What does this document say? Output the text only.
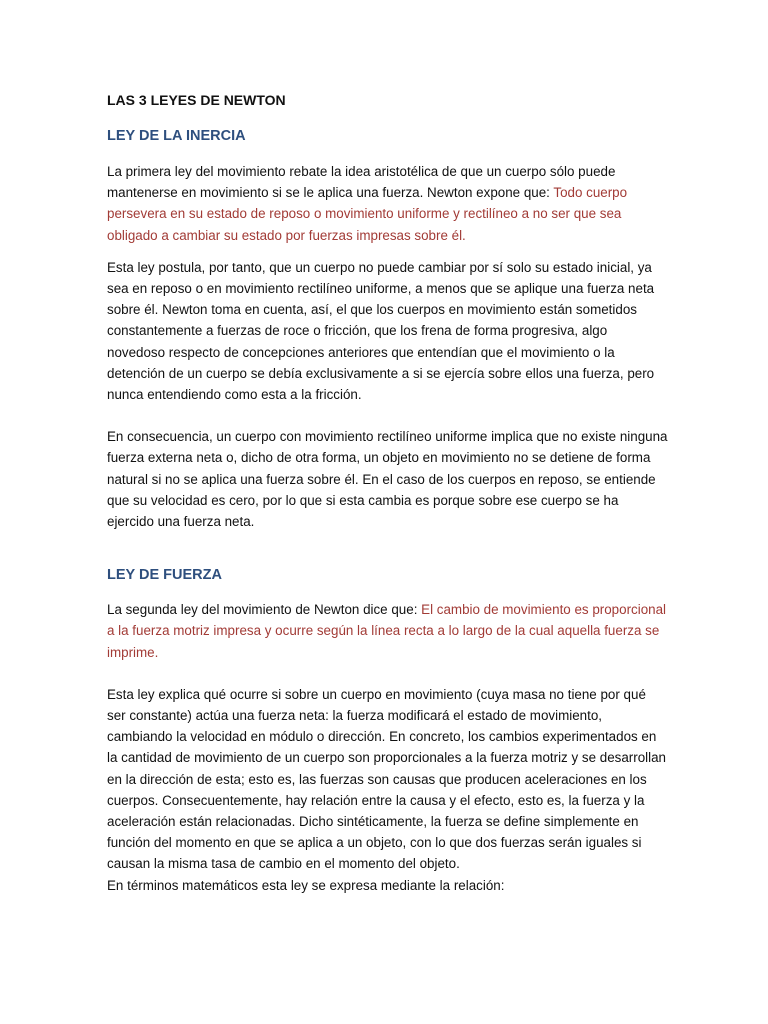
LAS 3 LEYES DE NEWTON
LEY DE LA INERCIA

La primera ley del movimiento rebate la idea aristotélica de que un cuerpo sólo puede mantenerse en movimiento si se le aplica una fuerza. Newton expone que: Todo cuerpo persevera en su estado de reposo o movimiento uniforme y rectilíneo a no ser que sea obligado a cambiar su estado por fuerzas impresas sobre él.

Esta ley postula, por tanto, que un cuerpo no puede cambiar por sí solo su estado inicial, ya sea en reposo o en movimiento rectilíneo uniforme, a menos que se aplique una fuerza neta sobre él. Newton toma en cuenta, así, el que los cuerpos en movimiento están sometidos constantemente a fuerzas de roce o fricción, que los frena de forma progresiva, algo novedoso respecto de concepciones anteriores que entendían que el movimiento o la detención de un cuerpo se debía exclusivamente a si se ejercía sobre ellos una fuerza, pero nunca entendiendo como esta a la fricción.

En consecuencia, un cuerpo con movimiento rectilíneo uniforme implica que no existe ninguna fuerza externa neta o, dicho de otra forma, un objeto en movimiento no se detiene de forma natural si no se aplica una fuerza sobre él. En el caso de los cuerpos en reposo, se entiende que su velocidad es cero, por lo que si esta cambia es porque sobre ese cuerpo se ha ejercido una fuerza neta.

LEY DE FUERZA

La segunda ley del movimiento de Newton dice que: El cambio de movimiento es proporcional a la fuerza motriz impresa y ocurre según la línea recta a lo largo de la cual aquella fuerza se imprime.

Esta ley explica qué ocurre si sobre un cuerpo en movimiento (cuya masa no tiene por qué ser constante) actúa una fuerza neta: la fuerza modificará el estado de movimiento, cambiando la velocidad en módulo o dirección. En concreto, los cambios experimentados en la cantidad de movimiento de un cuerpo son proporcionales a la fuerza motriz y se desarrollan en la dirección de esta; esto es, las fuerzas son causas que producen aceleraciones en los cuerpos. Consecuentemente, hay relación entre la causa y el efecto, esto es, la fuerza y la aceleración están relacionadas. Dicho sintéticamente, la fuerza se define simplemente en función del momento en que se aplica a un objeto, con lo que dos fuerzas serán iguales si causan la misma tasa de cambio en el momento del objeto.

En términos matemáticos esta ley se expresa mediante la relación:
